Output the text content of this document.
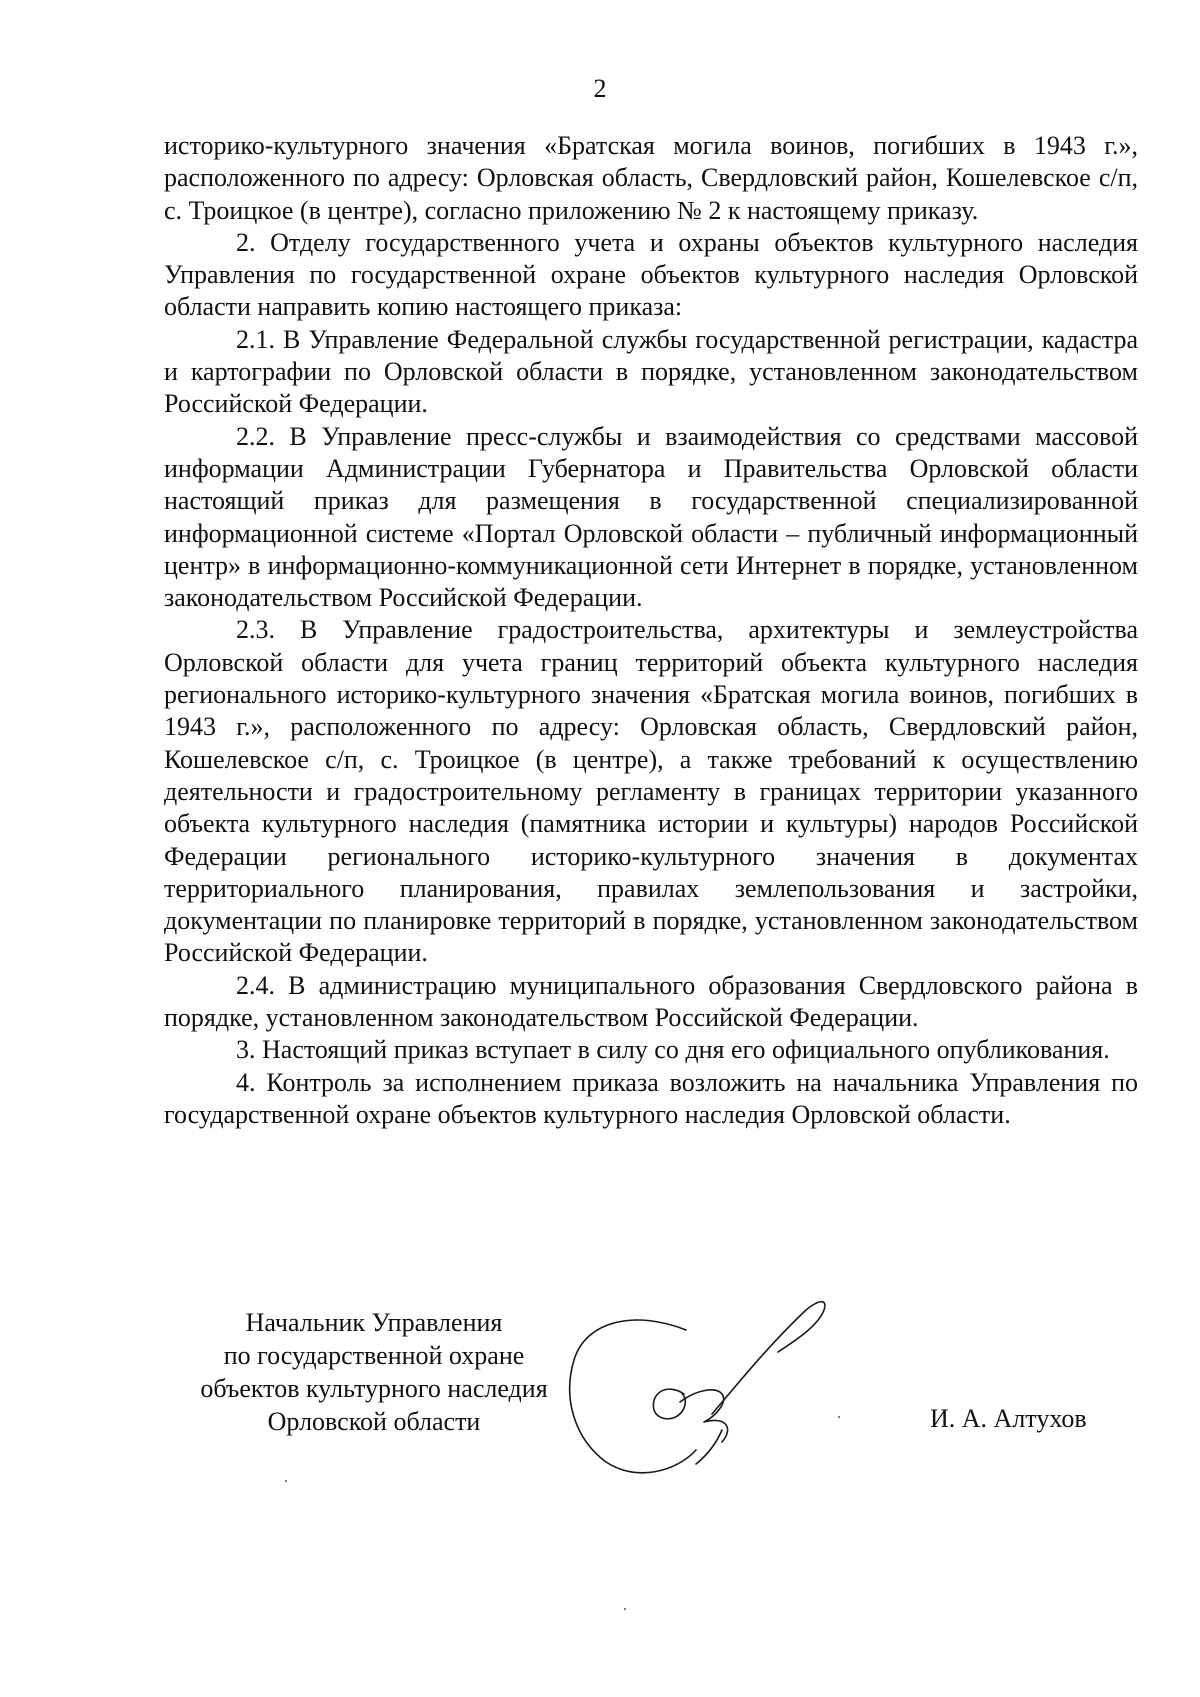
2

историко-культурного значения «Братская могила воинов, погибших в 1943 г.», расположенного по адресу: Орловская область, Свердловский район, Кошелевское с/п, с. Троицкое (в центре), согласно приложению № 2 к настоящему приказу.

2. Отделу государственного учета и охраны объектов культурного наследия Управления по государственной охране объектов культурного наследия Орловской области направить копию настоящего приказа:

2.1. В Управление Федеральной службы государственной регистрации, кадастра и картографии по Орловской области в порядке, установленном законодательством Российской Федерации.

2.2. В Управление пресс-службы и взаимодействия со средствами массовой информации Администрации Губернатора и Правительства Орловской области настоящий приказ для размещения в государственной специализированной информационной системе «Портал Орловской области – публичный информационный центр» в информационно-коммуникационной сети Интернет в порядке, установленном законодательством Российской Федерации.

2.3. В Управление градостроительства, архитектуры и землеустройства Орловской области для учета границ территорий объекта культурного наследия регионального историко-культурного значения «Братская могила воинов, погибших в 1943 г.», расположенного по адресу: Орловская область, Свердловский район, Кошелевское с/п, с. Троицкое (в центре), а также требований к осуществлению деятельности и градостроительному регламенту в границах территории указанного объекта культурного наследия (памятника истории и культуры) народов Российской Федерации регионального историко-культурного значения в документах территориального планирования, правилах землепользования и застройки, документации по планировке территорий в порядке, установленном законодательством Российской Федерации.

2.4. В администрацию муниципального образования Свердловского района в порядке, установленном законодательством Российской Федерации.

3. Настоящий приказ вступает в силу со дня его официального опубликования.

4. Контроль за исполнением приказа возложить на начальника Управления по государственной охране объектов культурного наследия Орловской области.

Начальник Управления
по государственной охране
объектов культурного наследия
Орловской области	И. А. Алтухов
